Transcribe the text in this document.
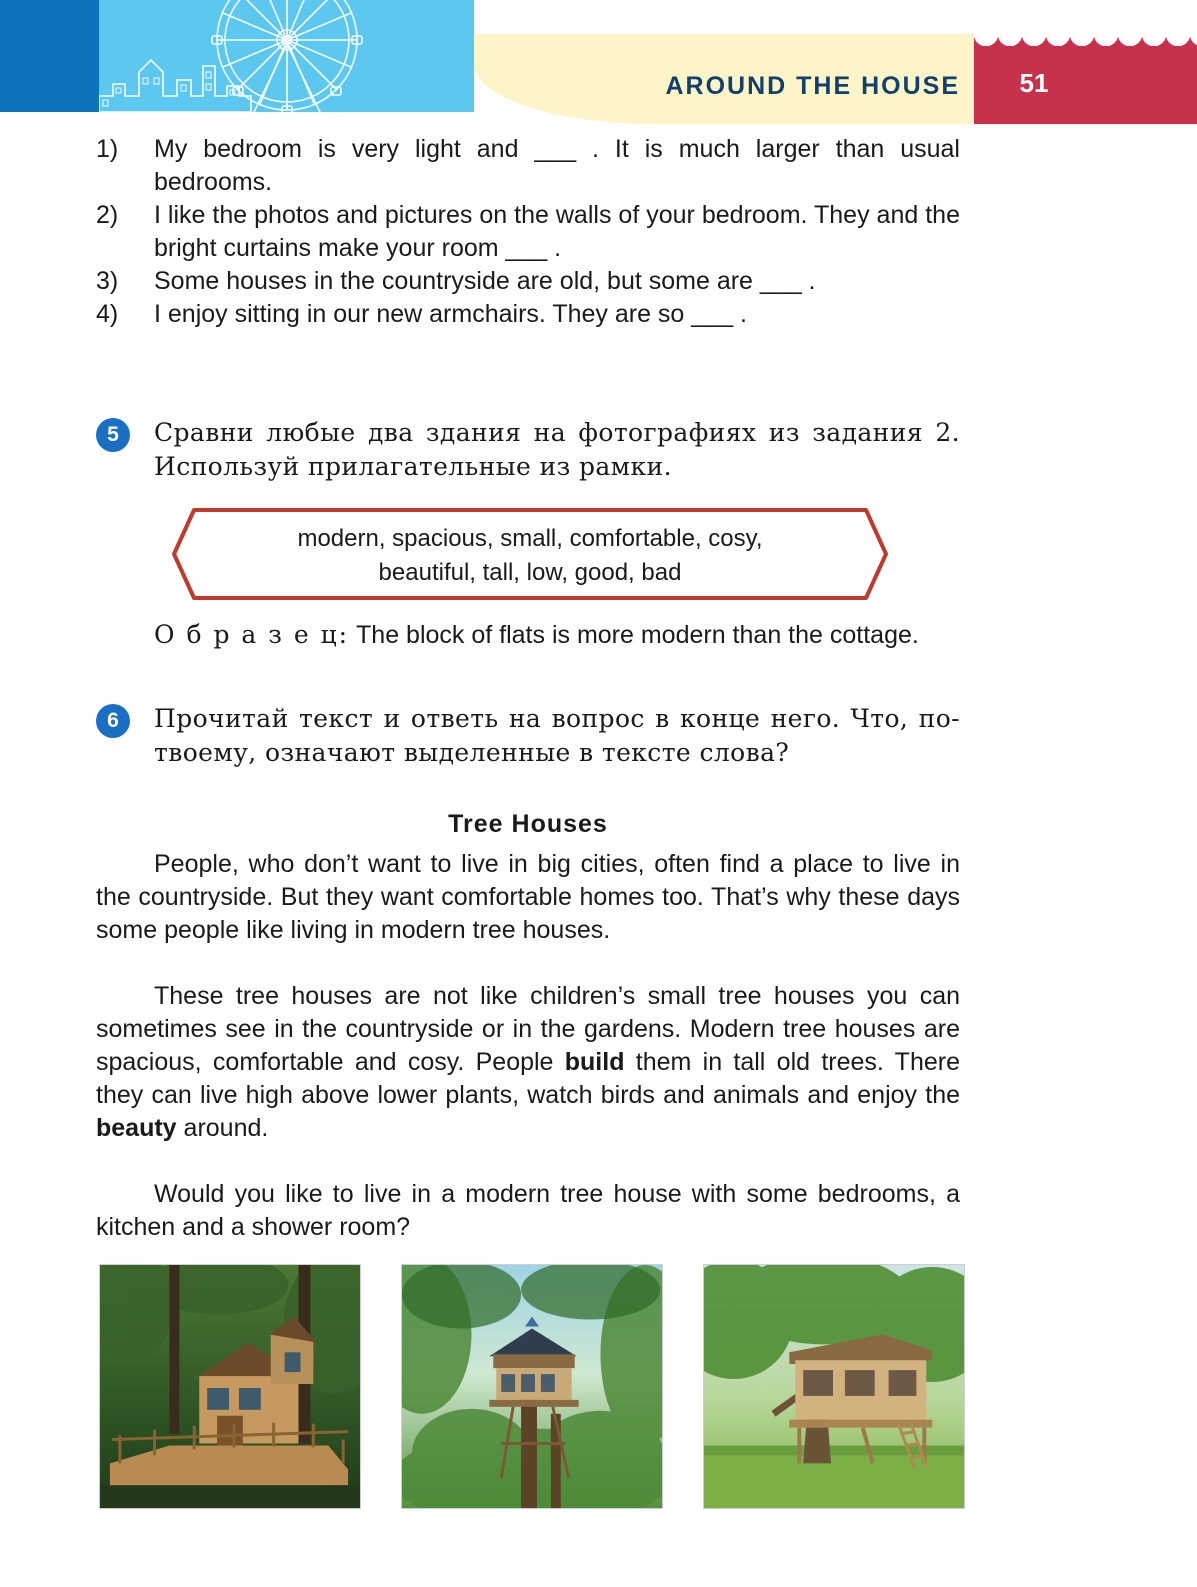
AROUND THE HOUSE	51
1)	My bedroom is very light and ___ . It is much larger than usual bedrooms.
2)	I like the photos and pictures on the walls of your bedroom. They and the bright curtains make your room ___ .
3)	Some houses in the countryside are old, but some are ___ .
4)	I enjoy sitting in our new armchairs. They are so ___ .
5	Сравни любые два здания на фотографиях из задания 2. Используй прилагательные из рамки.
modern, spacious, small, comfortable, cosy,
beautiful, tall, low, good, bad
О б р а з е ц: The block of flats is more modern than the cottage.
6	Прочитай текст и ответь на вопрос в конце него. Что, по-твоему, означают выделенные в тексте слова?
Tree Houses
People, who don’t want to live in big cities, often find a place to live in the countryside. But they want comfortable homes too. That’s why these days some people like living in modern tree houses.
These tree houses are not like children’s small tree houses you can sometimes see in the countryside or in the gardens. Modern tree houses are spacious, comfortable and cosy. People build them in tall old trees. There they can live high above lower plants, watch birds and animals and enjoy the beauty around.
Would you like to live in a modern tree house with some bedrooms, a kitchen and a shower room?
